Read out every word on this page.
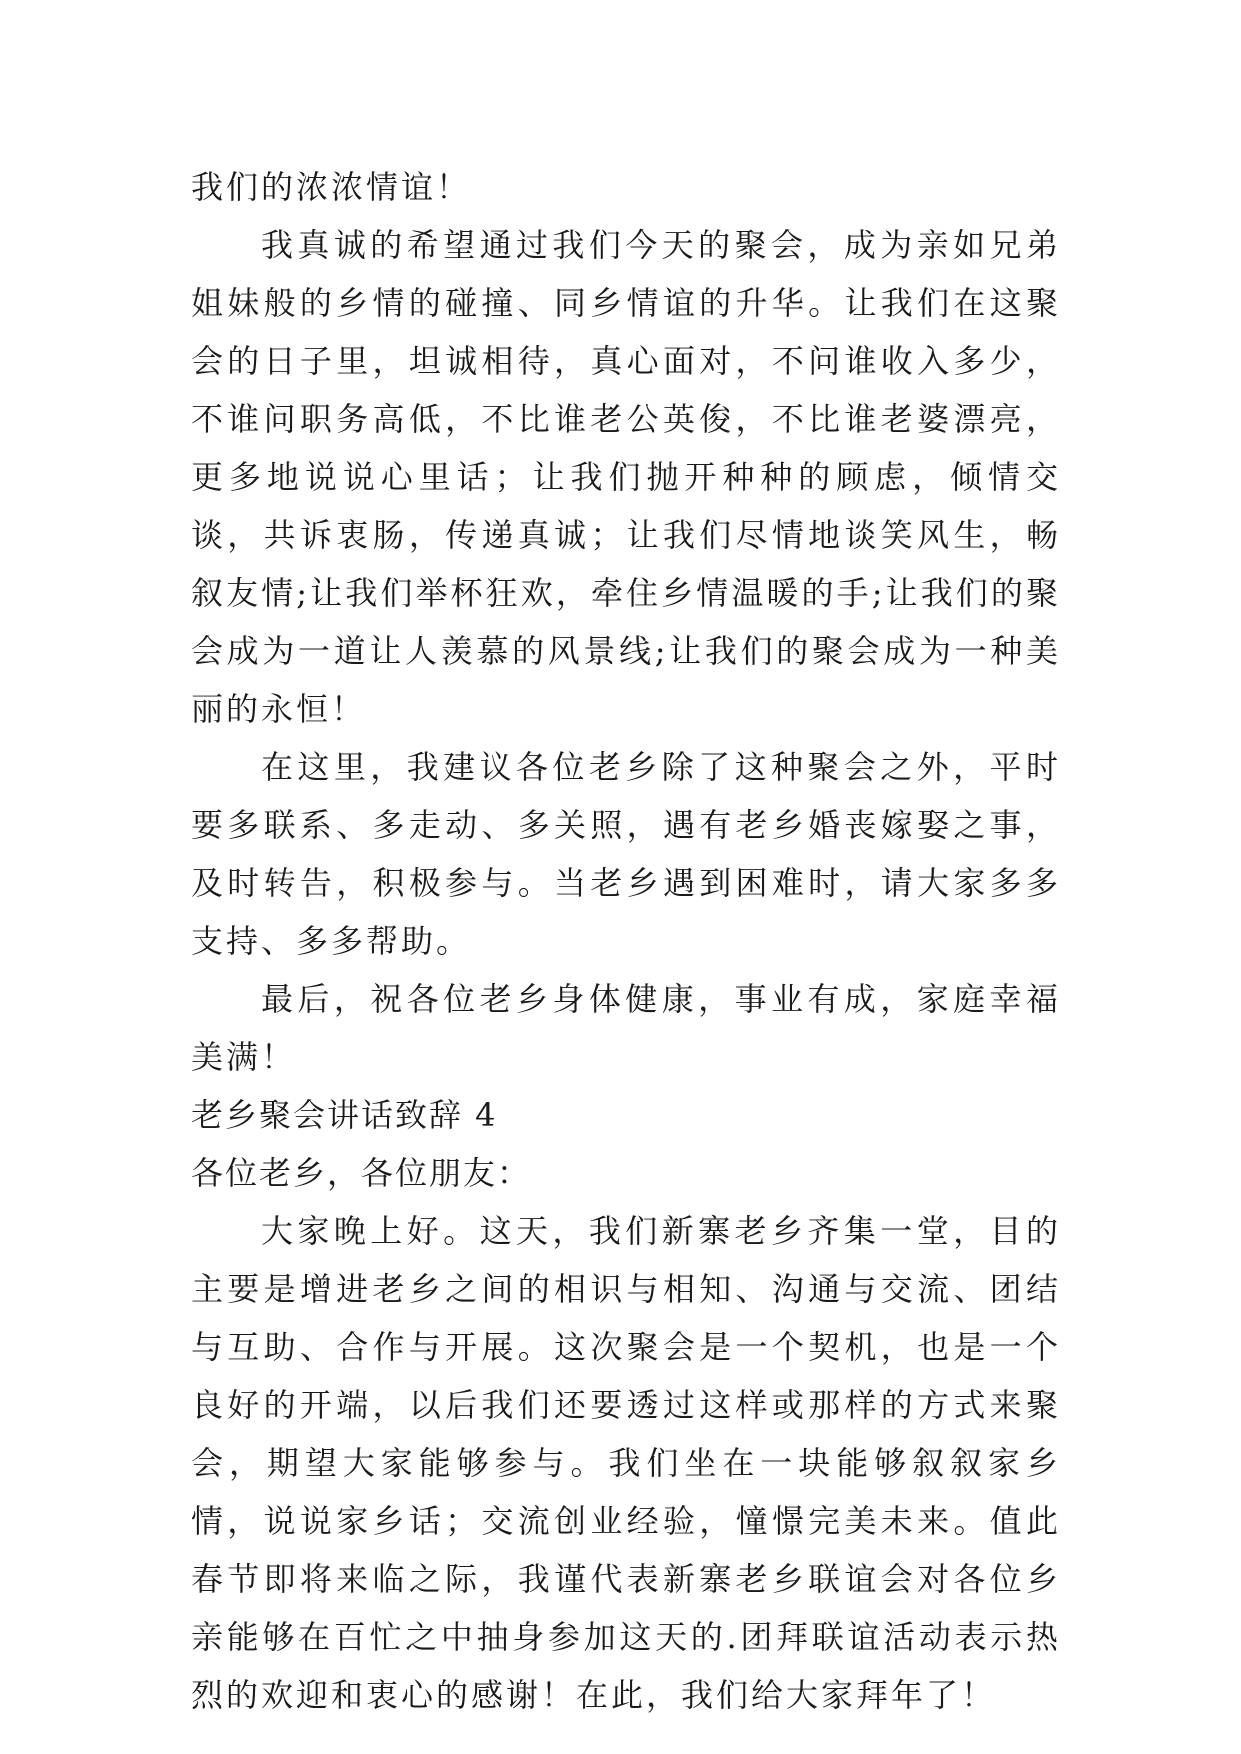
我们的浓浓情谊！

我真诚的希望通过我们今天的聚会，成为亲如兄弟姐妹般的乡情的碰撞、同乡情谊的升华。让我们在这聚会的日子里，坦诚相待，真心面对，不问谁收入多少，不谁问职务高低，不比谁老公英俊，不比谁老婆漂亮，更多地说说心里话；让我们抛开种种的顾虑，倾情交谈，共诉衷肠，传递真诚；让我们尽情地谈笑风生，畅叙友情;让我们举杯狂欢，牵住乡情温暖的手;让我们的聚会成为一道让人羡慕的风景线;让我们的聚会成为一种美丽的永恒！

在这里，我建议各位老乡除了这种聚会之外，平时要多联系、多走动、多关照，遇有老乡婚丧嫁娶之事，及时转告，积极参与。当老乡遇到困难时，请大家多多支持、多多帮助。

最后，祝各位老乡身体健康，事业有成，家庭幸福美满！

老乡聚会讲话致辞 4

各位老乡，各位朋友：

大家晚上好。这天，我们新寨老乡齐集一堂，目的主要是增进老乡之间的相识与相知、沟通与交流、团结与互助、合作与开展。这次聚会是一个契机，也是一个良好的开端，以后我们还要透过这样或那样的方式来聚会，期望大家能够参与。我们坐在一块能够叙叙家乡情，说说家乡话；交流创业经验，憧憬完美未来。值此春节即将来临之际，我谨代表新寨老乡联谊会对各位乡亲能够在百忙之中抽身参加这天的.团拜联谊活动表示热烈的欢迎和衷心的感谢！在此，我们给大家拜年了！
